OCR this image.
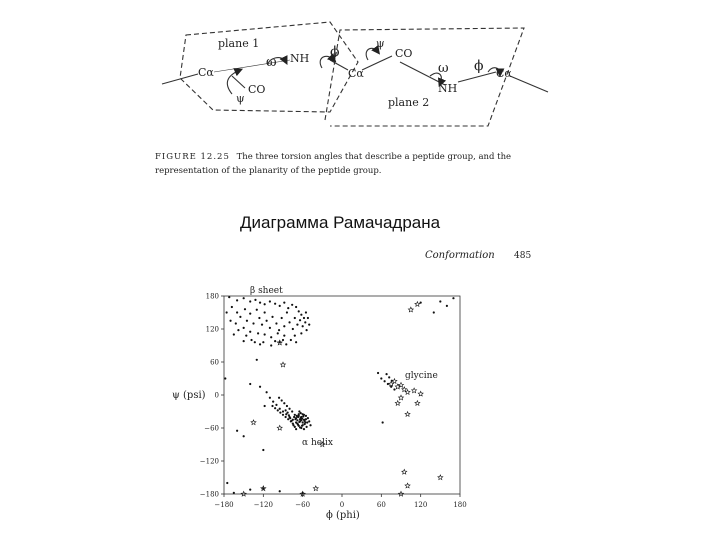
plane 1
plane 2
Cα
CO
ψ
ω NH ϕ
Cα
ψ
CO
ω
NH
ϕ Cα
−180	−120	−60	0	60	120	180
−180
−120
−60
0
60
120
180
β sheet
α helix
glycine
ϕ (phi)
ψ (psi)
FIGURE 12.25 The three torsion angles that describe a peptide group, and the representation of the planarity of the peptide group.
Диаграмма Рамачадрана
Conformation 485
